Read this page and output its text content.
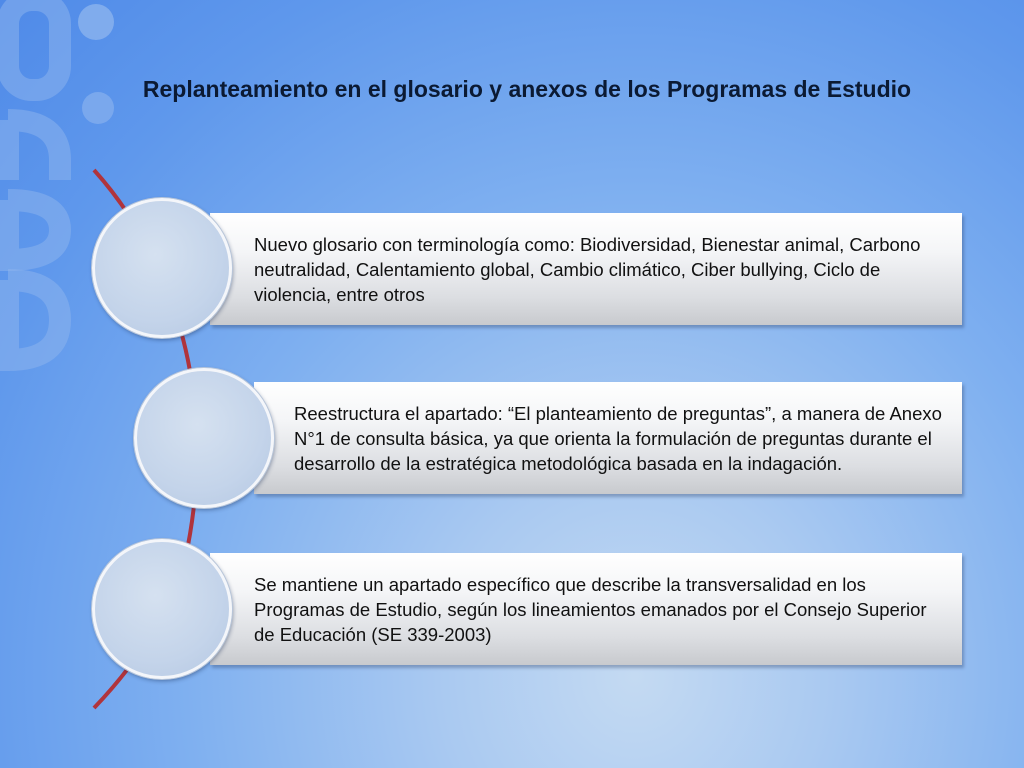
Replanteamiento en el glosario y anexos de los Programas de Estudio
Nuevo glosario con terminología como: Biodiversidad, Bienestar animal, Carbono neutralidad, Calentamiento global, Cambio climático, Ciber bullying, Ciclo de violencia, entre otros
Reestructura el apartado: “El planteamiento de preguntas”, a manera de Anexo N°1 de consulta básica, ya que orienta la formulación de preguntas durante el desarrollo de la estratégica metodológica basada en la indagación.
Se mantiene un apartado específico que describe la transversalidad en los Programas de Estudio, según los lineamientos emanados por el Consejo Superior de Educación (SE 339-2003)
